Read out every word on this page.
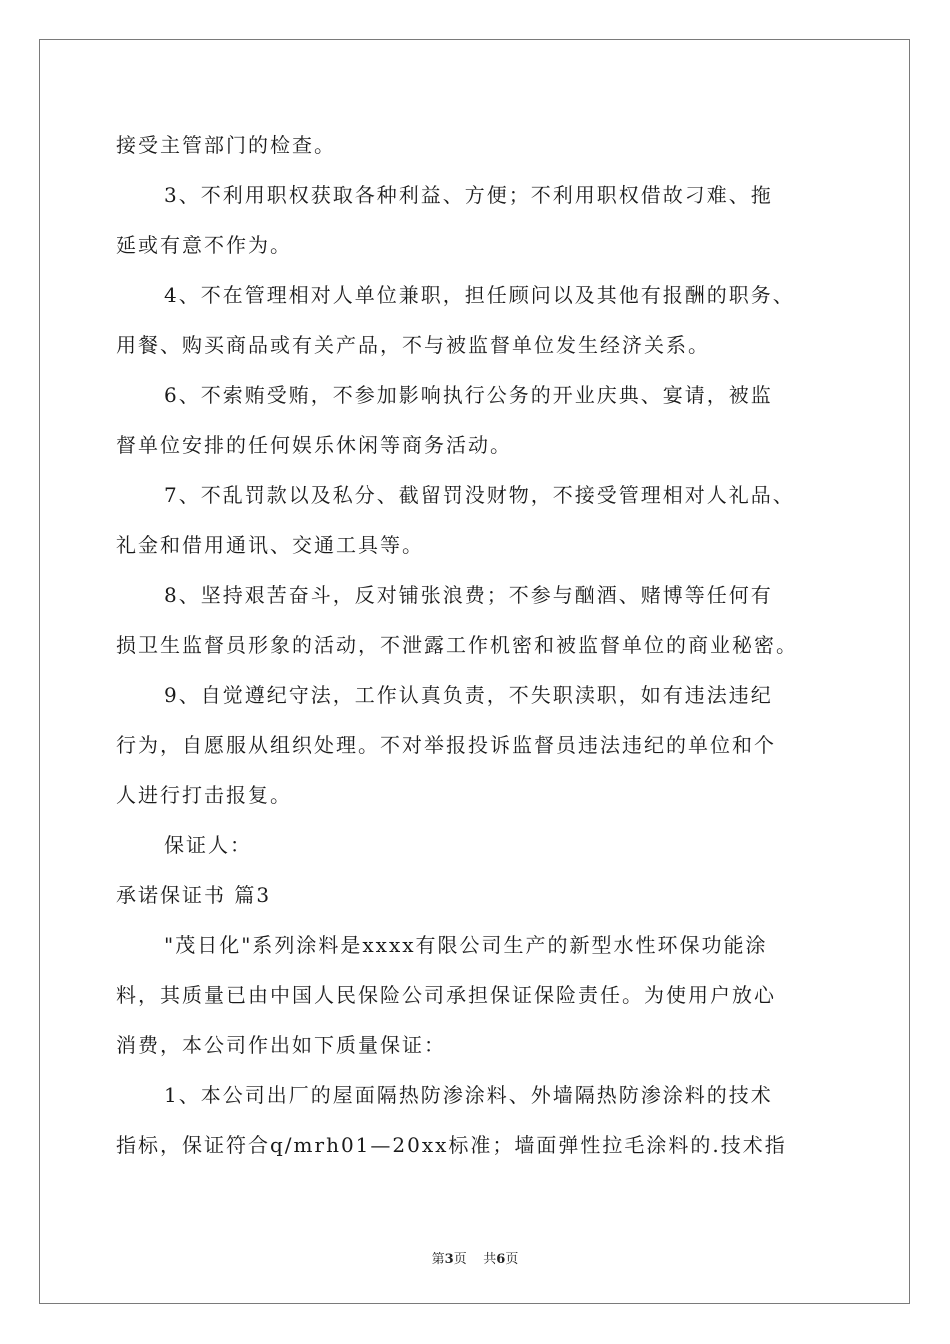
接受主管部门的检查。
3、不利用职权获取各种利益、方便；不利用职权借故刁难、拖
延或有意不作为。
4、不在管理相对人单位兼职，担任顾问以及其他有报酬的职务、
用餐、购买商品或有关产品，不与被监督单位发生经济关系。
6、不索贿受贿，不参加影响执行公务的开业庆典、宴请，被监
督单位安排的任何娱乐休闲等商务活动。
7、不乱罚款以及私分、截留罚没财物，不接受管理相对人礼品、
礼金和借用通讯、交通工具等。
8、坚持艰苦奋斗，反对铺张浪费；不参与酗酒、赌博等任何有
损卫生监督员形象的活动，不泄露工作机密和被监督单位的商业秘密。
9、自觉遵纪守法，工作认真负责，不失职渎职，如有违法违纪
行为，自愿服从组织处理。不对举报投诉监督员违法违纪的单位和个
人进行打击报复。
保证人：
承诺保证书 篇3
"茂日化"系列涂料是xxxx有限公司生产的新型水性环保功能涂
料，其质量已由中国人民保险公司承担保证保险责任。为使用户放心
消费，本公司作出如下质量保证：
1、本公司出厂的屋面隔热防渗涂料、外墙隔热防渗涂料的技术
指标，保证符合q/mrh01—20xx标准；墙面弹性拉毛涂料的.技术指
第3页 共6页
